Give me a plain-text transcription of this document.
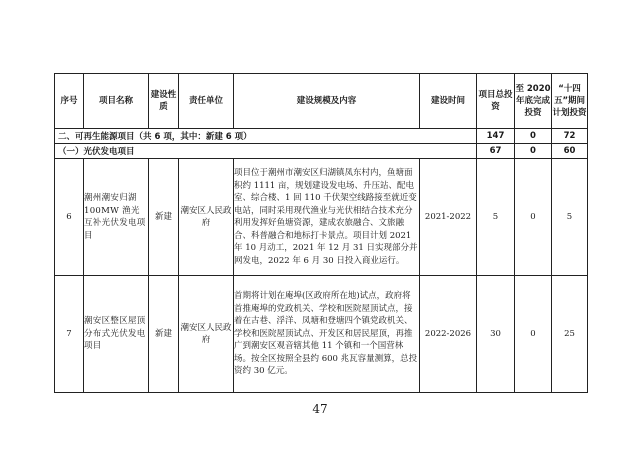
序号	项目名称	建设性质	责任单位	建设规模及内容	建设时间	项目总投资	至 2020 年底完成投资	“十四五”期间计划投资
二、可再生能源项目（共 6 项，其中：新建 6 项）						147	0	72
（一）光伏发电项目						67	0	60
6	潮州潮安归湖 100MW 渔光互补光伏发电项目	新建	潮安区人民政府	项目位于潮州市潮安区归湖镇凤东村内，鱼塘面积约 1111 亩，规划建设发电场、升压站、配电室、综合楼、1 回 110 千伏架空线路接至就近变电站，同时采用现代渔业与光伏相结合技术充分利用发挥好鱼塘资源，建成农旅融合、文旅融合、科普融合和地标打卡景点。项目计划 2021 年 10 月动工，2021 年 12 月 31 日实现部分并网发电，2022 年 6 月 30 日投入商业运行。	2021-2022	5	0	5
7	潮安区整区屋顶分布式光伏发电项目	新建	潮安区人民政府	首期将计划在庵埠(区政府所在地)试点，政府将首推庵埠的党政机关、学校和医院屋顶试点，接着在古巷、浮洋、凤塘和登塘四个镇党政机关、学校和医院屋顶试点、开发区和居民屋顶，再推广到潮安区观音辖其他 11 个镇和一个国营林场。按全区按照全县约 600 兆瓦容量测算，总投资约 30 亿元。	2022-2026	30	0	25
47
